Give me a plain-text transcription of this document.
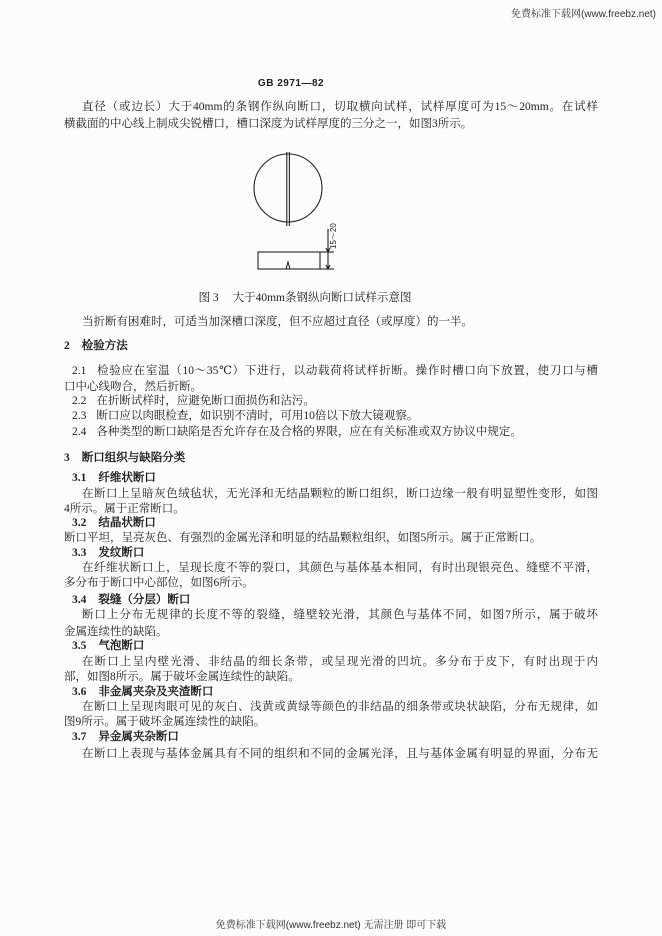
免费标准下载网(www.freebz.net)
GB 2971—82
直径（或边长）大于40mm的条钢作纵向断口，切取横向试样，试样厚度可为15～20mm。在试样
横截面的中心线上制成尖锐槽口，槽口深度为试样厚度的三分之一，如图3所示。
15～20
图 3 大于40mm条钢纵向断口试样示意图
当折断有困难时，可适当加深槽口深度，但不应超过直径（或厚度）的一半。
2 检验方法
2.1 检验应在室温（10～35℃）下进行，以动载荷将试样折断。操作时槽口向下放置，使刀口与槽
口中心线吻合，然后折断。
2.2 在折断试样时，应避免断口面损伤和沾污。
2.3 断口应以肉眼检查，如识别不清时，可用10倍以下放大镜观察。
2.4 各种类型的断口缺陷是否允许存在及合格的界限，应在有关标准或双方协议中规定。
3 断口组织与缺陷分类
3.1 纤维状断口
在断口上呈暗灰色绒毡状，无光泽和无结晶颗粒的断口组织，断口边缘一般有明显塑性变形，如图
4所示。属于正常断口。
3.2 结晶状断口
断口平坦，呈亮灰色、有强烈的金属光泽和明显的结晶颗粒组织，如图5所示。属于正常断口。
3.3 发纹断口
在纤维状断口上，呈现长度不等的裂口，其颜色与基体基本相同，有时出现银亮色、缝壁不平滑，
多分布于断口中心部位，如图6所示。
3.4 裂缝（分层）断口
断口上分布无规律的长度不等的裂缝，缝壁较光滑，其颜色与基体不同，如图7所示，属于破坏
金属连续性的缺陷。
3.5 气泡断口
在断口上呈内壁光滑、非结晶的细长条带，或呈现光滑的凹坑。多分布于皮下，有时出现于内
部，如图8所示。属于破坏金属连续性的缺陷。
3.6 非金属夹杂及夹渣断口
在断口上呈现肉眼可见的灰白、浅黄或黄绿等颜色的非结晶的细条带或块状缺陷，分布无规律，如
图9所示。属于破坏金属连续性的缺陷。
3.7 异金属夹杂断口
在断口上表现与基体金属具有不同的组织和不同的金属光泽，且与基体金属有明显的界面，分布无
免费标准下载网(www.freebz.net) 无需注册 即可下载
